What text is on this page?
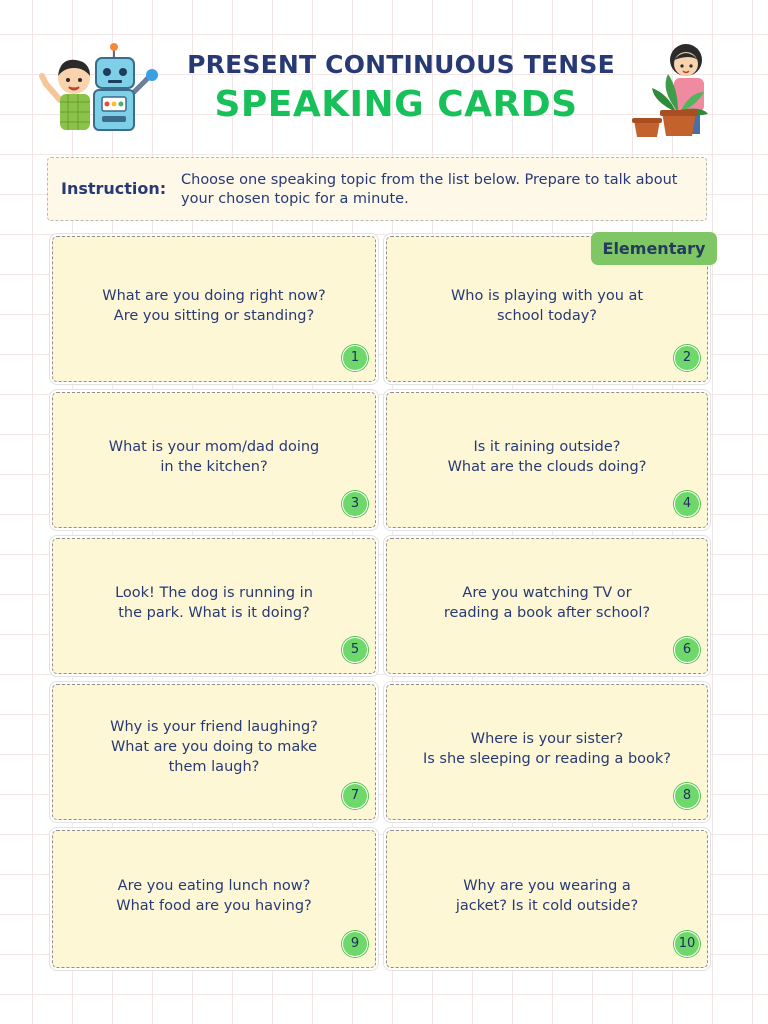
PRESENT CONTINUOUS TENSE
SPEAKING CARDS
Instruction: Choose one speaking topic from the list below. Prepare to talk about your chosen topic for a minute.
What are you doing right now?
Are you sitting or standing?
1
Who is playing with you at
school today?
2
What is your mom/dad doing
in the kitchen?
3
Is it raining outside?
What are the clouds doing?
4
Look! The dog is running in
the park. What is it doing?
5
Are you watching TV or
reading a book after school?
6
Why is your friend laughing?
What are you doing to make
them laugh?
7
Where is your sister?
Is she sleeping or reading a book?
8
Are you eating lunch now?
What food are you having?
9
Why are you wearing a
jacket? Is it cold outside?
10
Elementary
